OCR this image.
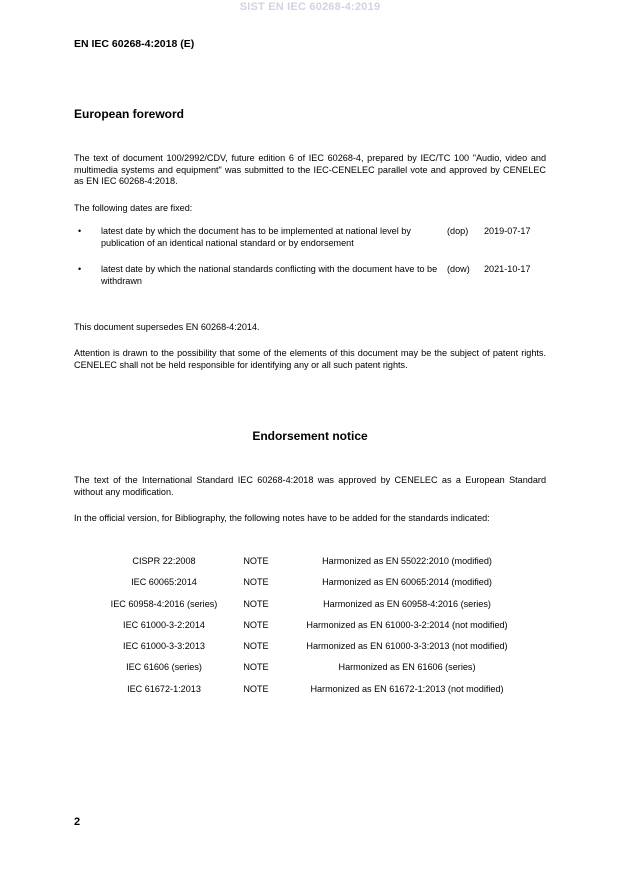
SIST EN IEC 60268-4:2019
EN IEC 60268-4:2018 (E)
European foreword
The text of document 100/2992/CDV, future edition 6 of IEC 60268-4, prepared by IEC/TC 100 "Audio, video and multimedia systems and equipment" was submitted to the IEC-CENELEC parallel vote and approved by CENELEC as EN IEC 60268-4:2018.
The following dates are fixed:
• latest date by which the document has to be implemented at national level by publication of an identical national standard or by endorsement
(dop) 2019-07-17
• latest date by which the national standards conflicting with the document have to be withdrawn
(dow) 2021-10-17
This document supersedes EN 60268-4:2014.
Attention is drawn to the possibility that some of the elements of this document may be the subject of patent rights. CENELEC shall not be held responsible for identifying any or all such patent rights.
Endorsement notice
The text of the International Standard IEC 60268-4:2018 was approved by CENELEC as a European Standard without any modification.
In the official version, for Bibliography, the following notes have to be added for the standards indicated:
CISPR 22:2008	NOTE	Harmonized as EN 55022:2010 (modified)
IEC 60065:2014	NOTE	Harmonized as EN 60065:2014 (modified)
IEC 60958-4:2016 (series)	NOTE	Harmonized as EN 60958-4:2016 (series)
IEC 61000-3-2:2014	NOTE	Harmonized as EN 61000-3-2:2014 (not modified)
IEC 61000-3-3:2013	NOTE	Harmonized as EN 61000-3-3:2013 (not modified)
IEC 61606 (series)	NOTE	Harmonized as EN 61606 (series)
IEC 61672-1:2013	NOTE	Harmonized as EN 61672-1:2013 (not modified)
2
